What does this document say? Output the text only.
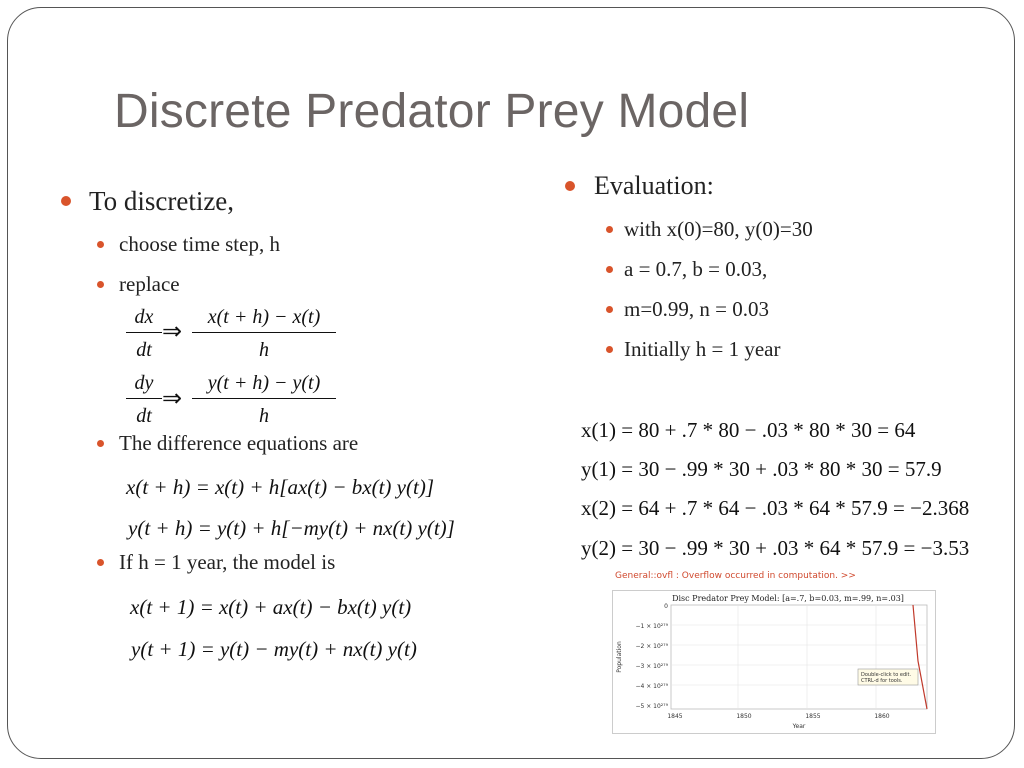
Discrete Predator Prey Model
To discretize,
choose time step, h
replace
$\frac{dx}{dt}$ ⇒ $\frac{x(t + h) - x(t)}{h}$
$\frac{dy}{dt}$ ⇒ $\frac{y(t + h) - y(t)}{h}$
The difference equations are
x(t + h) = x(t) + h[ax(t) − bx(t) y(t)]
y(t + h) = y(t) + h[−my(t) + nx(t) y(t)]
If h = 1 year, the model is
x(t + 1) = x(t) + ax(t) − bx(t) y(t)
y(t + 1) = y(t) − my(t) + nx(t) y(t)
Evaluation:
with x(0)=80, y(0)=30
a = 0.7, b = 0.03,
m=0.99, n = 0.03
Initially h = 1 year
x(1) = 80 + .7 * 80 − .03 * 80 * 30 = 64
y(1) = 30 − .99 * 30 + .03 * 80 * 30 = 57.9
x(2) = 64 + .7 * 64 − .03 * 64 * 57.9 = −2.368
y(2) = 30 − .99 * 30 + .03 * 64 * 57.9 = −3.53
General::ovfl : Overflow occurred in computation. >>
Disc Predator Prey Model: [a=.7, b=0.03, m=.99, n=.03]
0
−1 × 10²⁷⁹
−2 × 10²⁷⁹
−3 × 10²⁷⁹
−4 × 10²⁷⁹
−5 × 10²⁷⁹
1845	1850	1855	1860
Year
Population
Double-click to edit.
CTRL-d for tools.
